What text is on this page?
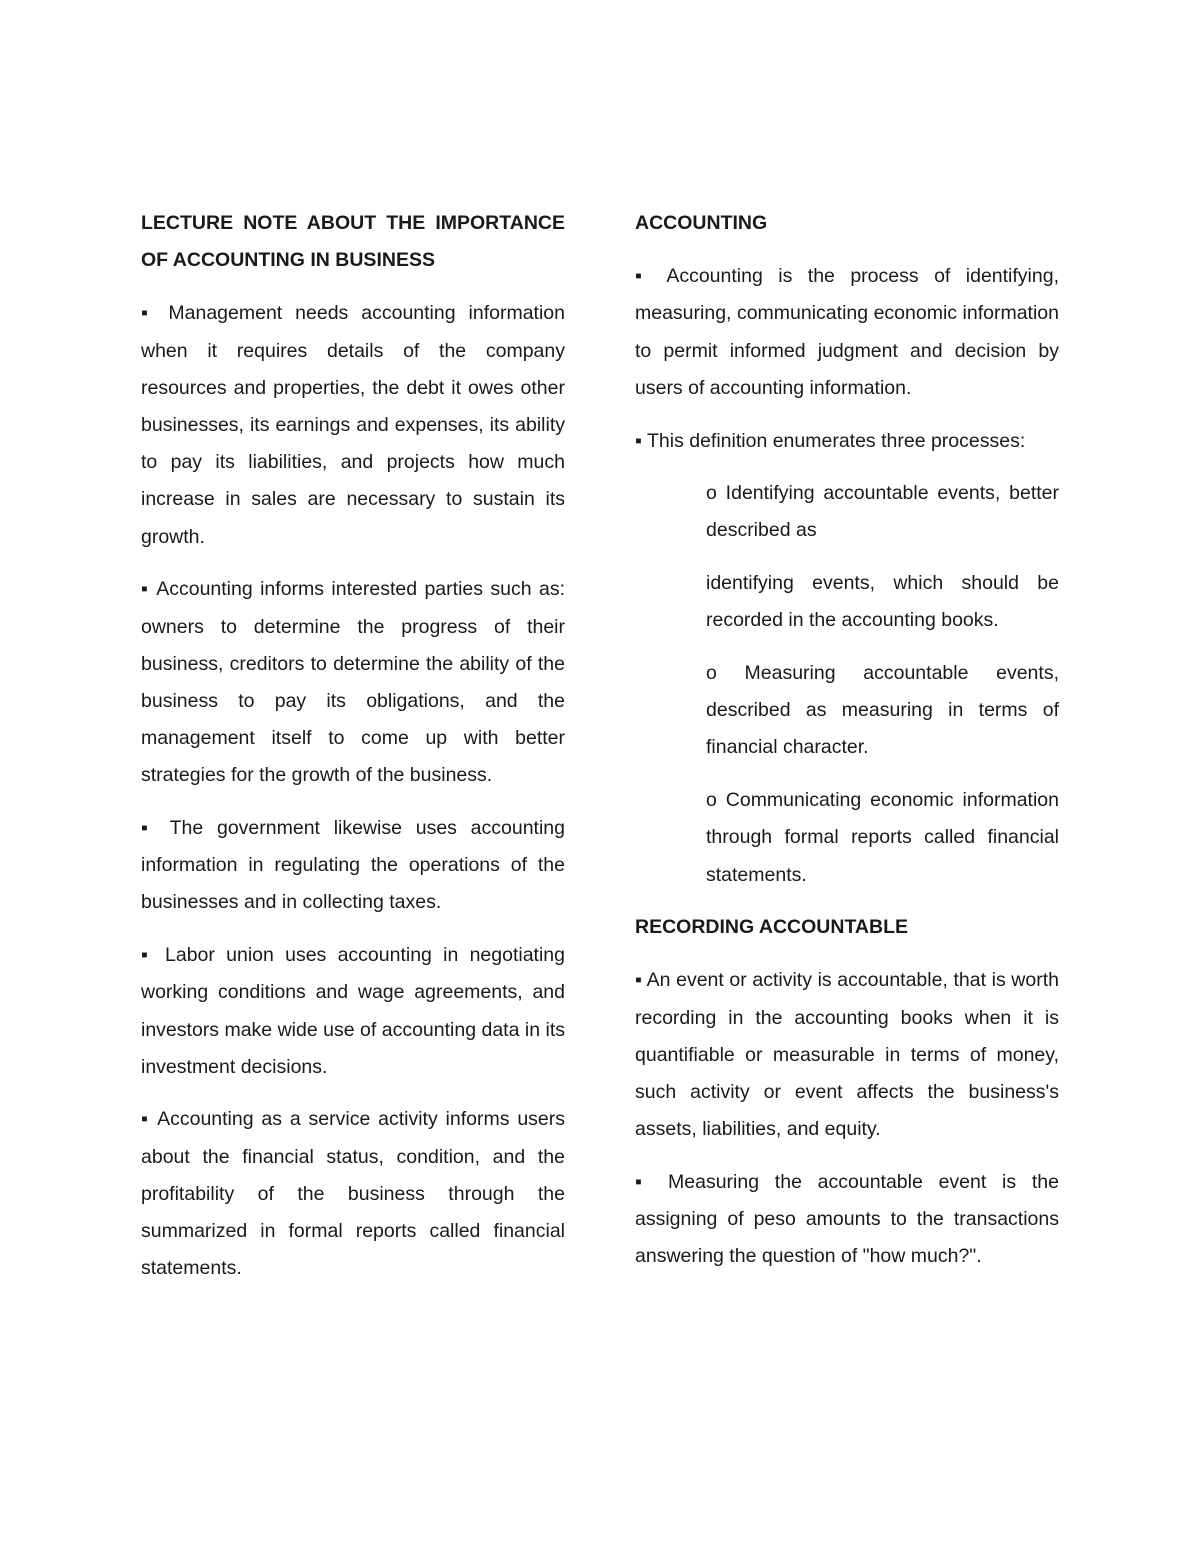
LECTURE NOTE ABOUT THE IMPORTANCE OF ACCOUNTING IN BUSINESS
▪ Management needs accounting information when it requires details of the company resources and properties, the debt it owes other businesses, its earnings and expenses, its ability to pay its liabilities, and projects how much increase in sales are necessary to sustain its growth.
▪ Accounting informs interested parties such as: owners to determine the progress of their business, creditors to determine the ability of the business to pay its obligations, and the management itself to come up with better strategies for the growth of the business.
▪ The government likewise uses accounting information in regulating the operations of the businesses and in collecting taxes.
▪ Labor union uses accounting in negotiating working conditions and wage agreements, and investors make wide use of accounting data in its investment decisions.
▪ Accounting as a service activity informs users about the financial status, condition, and the profitability of the business through the summarized in formal reports called financial statements.
ACCOUNTING
▪ Accounting is the process of identifying, measuring, communicating economic information to permit informed judgment and decision by users of accounting information.
▪ This definition enumerates three processes:
o Identifying accountable events, better described as
identifying events, which should be recorded in the accounting books.
o Measuring accountable events, described as measuring in terms of financial character.
o Communicating economic information through formal reports called financial statements.
RECORDING ACCOUNTABLE
▪ An event or activity is accountable, that is worth recording in the accounting books when it is quantifiable or measurable in terms of money, such activity or event affects the business's assets, liabilities, and equity.
▪ Measuring the accountable event is the assigning of peso amounts to the transactions answering the question of "how much?".
